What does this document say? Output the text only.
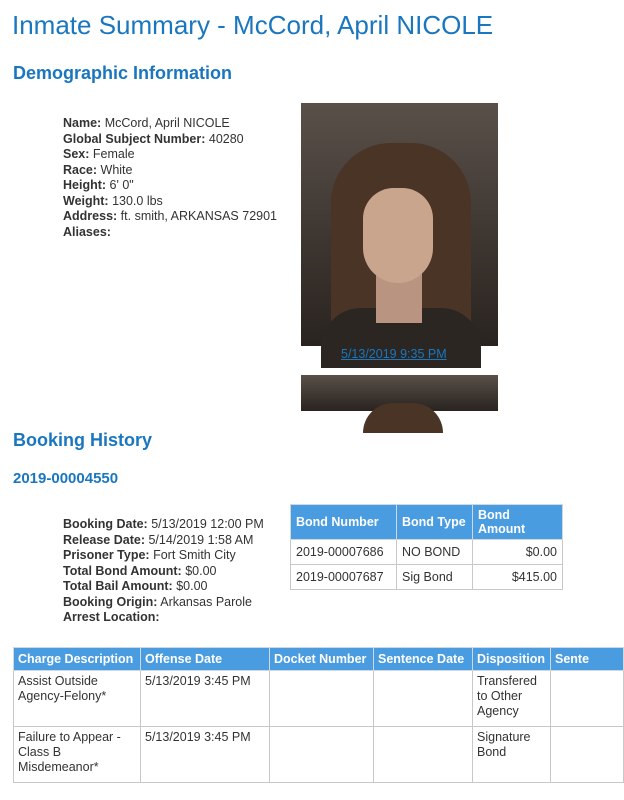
Inmate Summary - McCord, April NICOLE
Demographic Information
Name: McCord, April NICOLE
Global Subject Number: 40280
Sex: Female
Race: White
Height: 6' 0"
Weight: 130.0 lbs
Address: ft. smith, ARKANSAS 72901
Aliases:
5/13/2019 9:35 PM
Booking History
2019-00004550
Booking Date: 5/13/2019 12:00 PM
Release Date: 5/14/2019 1:58 AM
Prisoner Type: Fort Smith City
Total Bond Amount: $0.00
Total Bail Amount: $0.00
Booking Origin: Arkansas Parole
Arrest Location:
Bond Number	Bond Type	Bond Amount
2019-00007686	NO BOND	$0.00
2019-00007687	Sig Bond	$415.00
Charge Description	Offense Date	Docket Number	Sentence Date	Disposition	Sente
Assist Outside Agency-Felony*	5/13/2019 3:45 PM			Transfered to Other Agency	
Failure to Appear - Class B Misdemeanor*	5/13/2019 3:45 PM			Signature Bond	
